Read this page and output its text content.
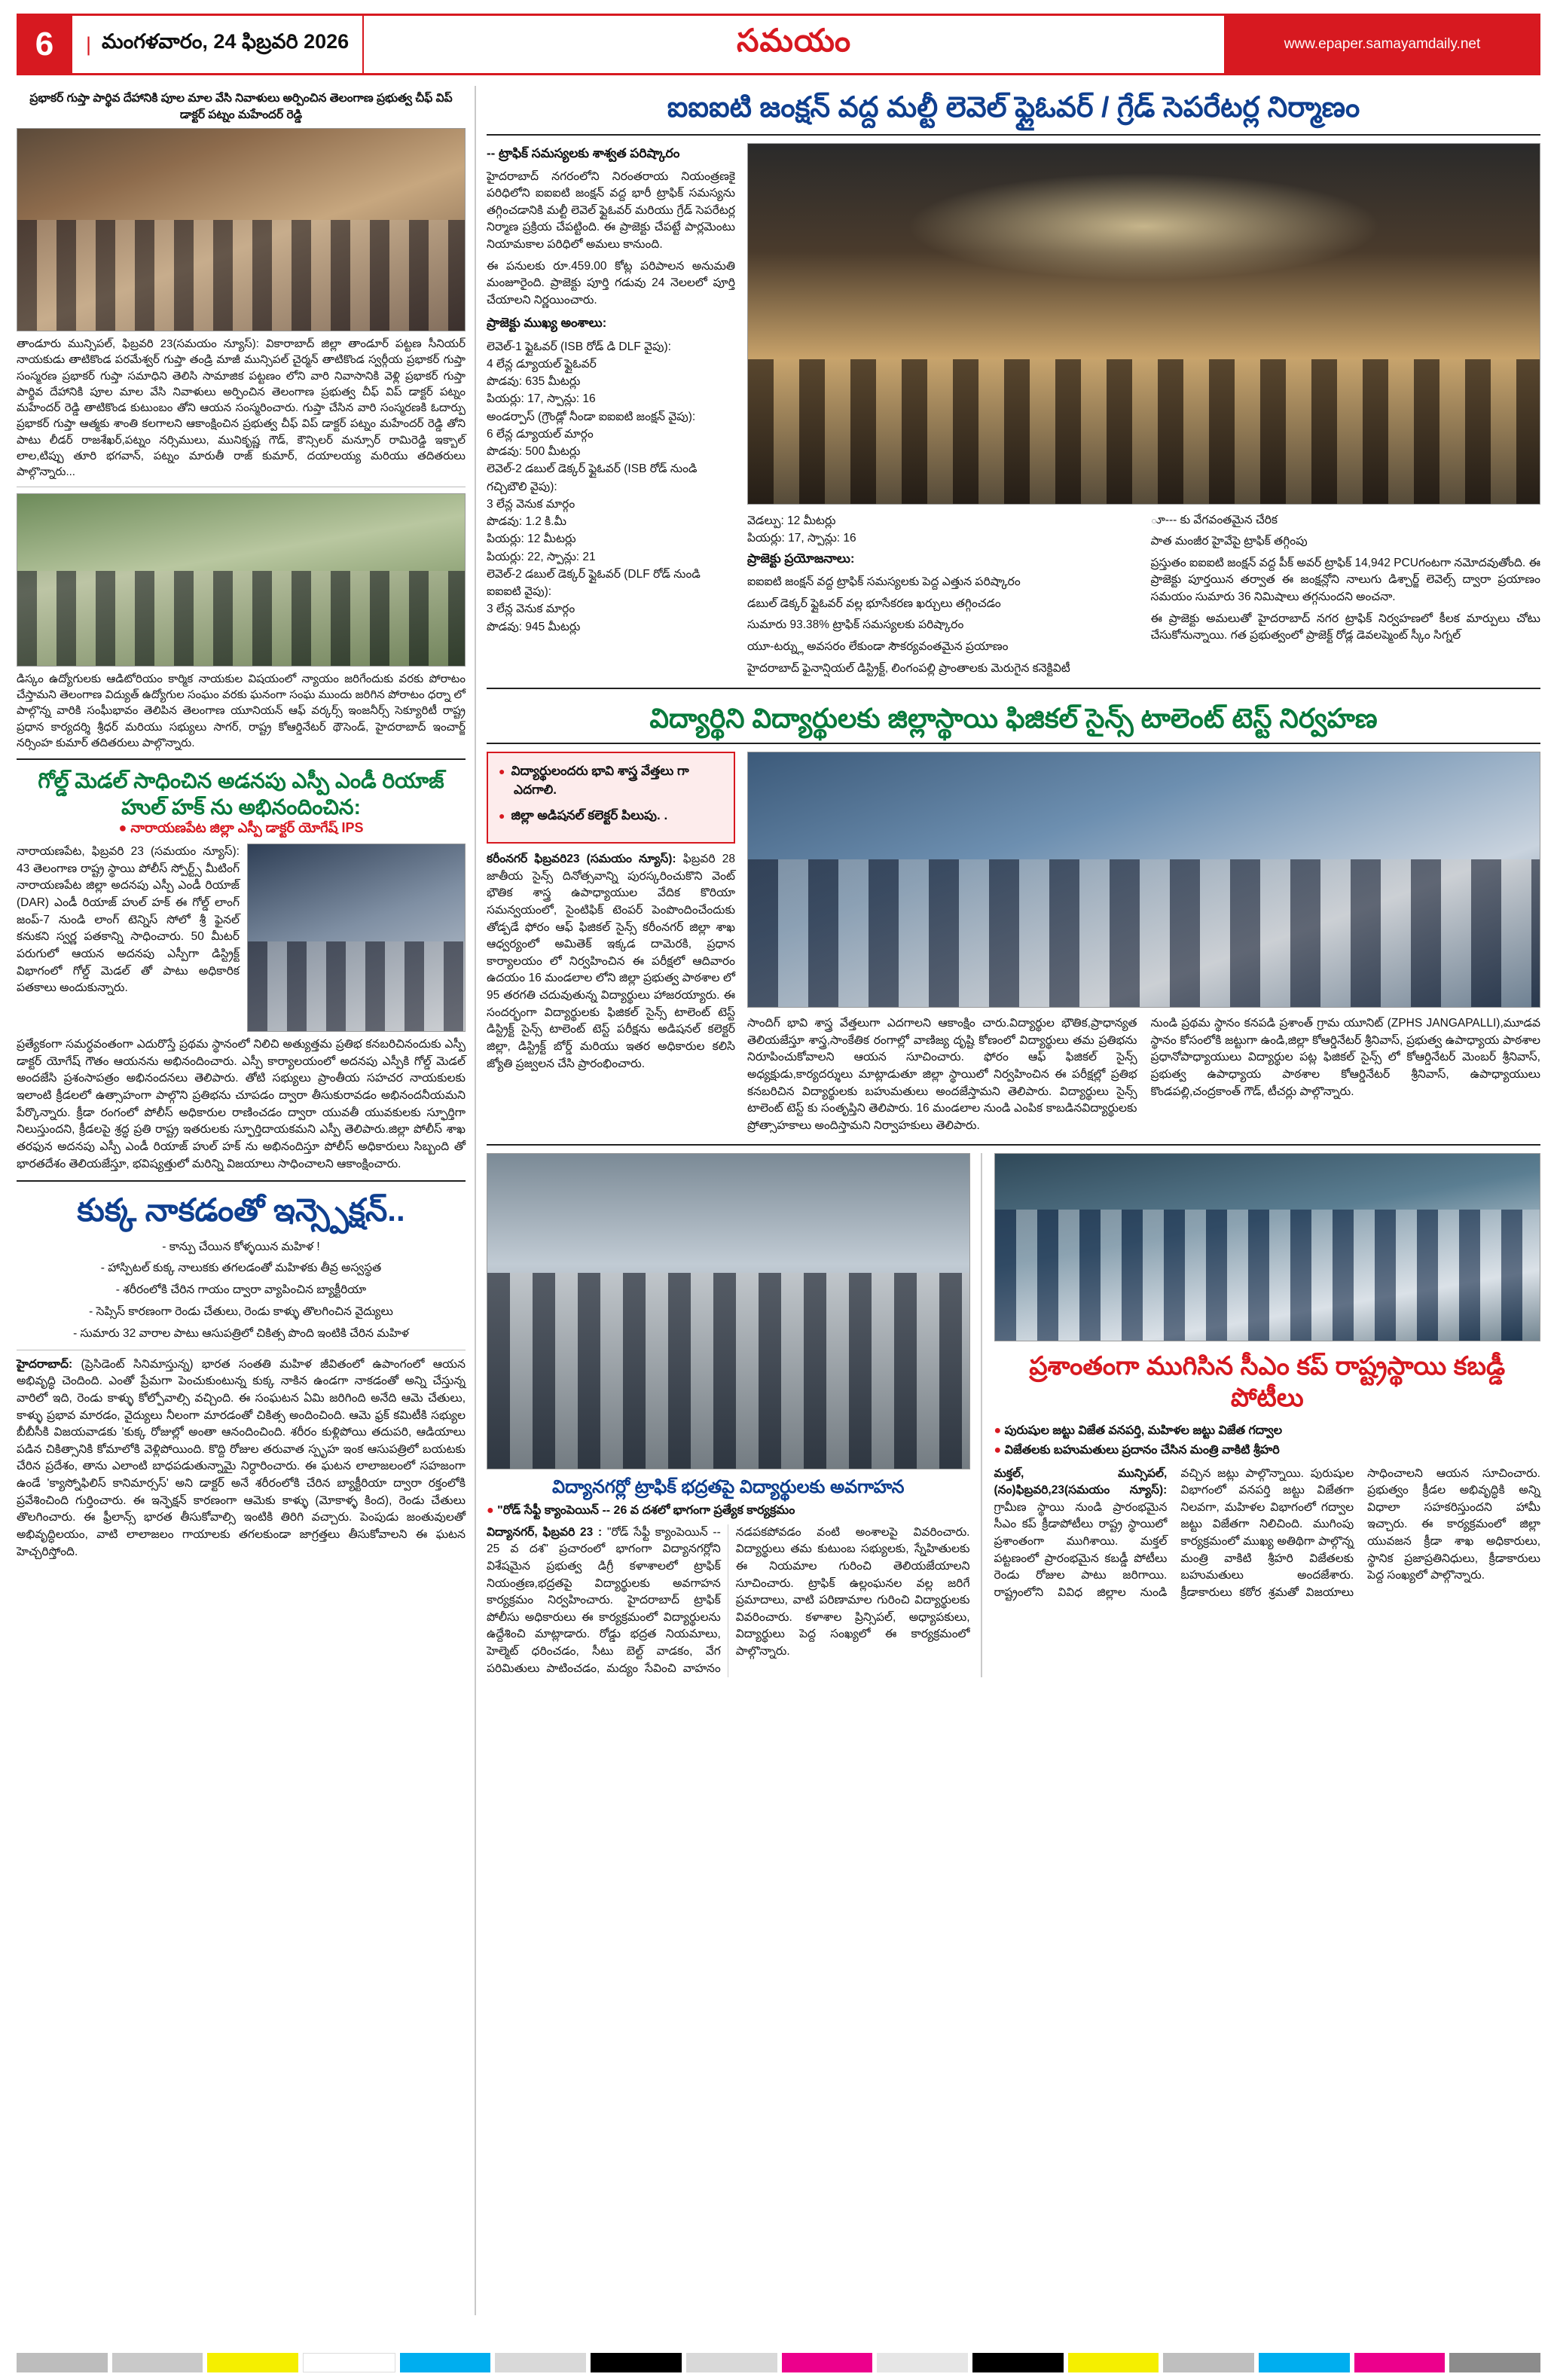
6	| మంగళవారం, 24 ఫిబ్రవరి 2026	సమయం	www.epaper.samayamdaily.net
ప్రభాకర్ గుప్తా పార్థివ దేహానికి పూల మాల వేసి నివాళులు అర్పించిన తెలంగాణ ప్రభుత్వ చీఫ్ విప్ డాక్టర్ పట్నం మహేందర్ రెడ్డి
తాండూరు మున్సిపల్, ఫిబ్రవరి 23(సమయం న్యూస్): వికారాబాద్ జిల్లా తాండూర్ పట్టణ సీనియర్ నాయకుడు తాటికొండ పరమేశ్వర్ గుప్తా తండ్రి మాజీ మున్సిపల్ చైర్మన్ తాటికొండ స్వర్గీయ ప్రభాకర్ గుప్తా సంస్మరణ ప్రభాకర్ గుప్తా సమాధిని తెలిసి సామాజిక పట్టణం లోని వారి నివాసానికి వెళ్లి ప్రభాకర్ గుప్తా పార్థివ దేహానికి పూల మాల వేసి నివాళులు అర్పించిన తెలంగాణ ప్రభుత్వ చీఫ్ విప్ డాక్టర్ పట్నం మహేందర్ రెడ్డి తాటికొండ కుటుంబం తోని ఆయన సంస్మరించారు. గుప్తా చేసిన వారి సంస్మరణకి ఓదార్పు ప్రభాకర్ గుప్తా ఆత్మకు శాంతి కలగాలని ఆకాంక్షించిన ప్రభుత్వ చీఫ్ విప్ డాక్టర్ పట్నం మహేందర్ రెడ్డి తోని పాటు లీడర్ రాజశేఖర్,పట్నం నర్సిములు, మునికృష్ణ గౌడ్, కౌన్సిలర్ మన్సూర్ రామిరెడ్డి ఇక్బాల్ లాల,టిప్పు తూరి భగవాన్, పట్నం మారుతీ రాజ్ కుమార్, దయాలయ్య మరియు తదితరులు పాల్గొన్నారు...
డిస్కం ఉద్యోగులకు ఆడిటోరియం కార్మిక నాయకుల విషయంలో న్యాయం జరిగేందుకు వరకు పోరాటం చేస్తామని తెలంగాణ విద్యుత్ ఉద్యోగుల సంఘం వరకు ఘనంగా సంఘ ముందు జరిగిన పోరాటం ధర్నా లో పాల్గొన్న వారికి సంఘీభావం తెలిపిన తెలంగాణ యూనియన్ ఆఫ్ వర్కర్స్ ఇంజనీర్స్ సెక్యూరిటీ రాష్ట్ర ప్రధాన కార్యదర్శి శ్రీధర్ మరియు సభ్యులు సాగర్, రాష్ట్ర కోఆర్డినేటర్ థౌసెండ్, హైదరాబాద్ ఇంచార్జ్ నర్సింహ కుమార్ తదితరులు పాల్గొన్నారు.
గోల్డ్ మెడల్ సాధించిన అడనపు ఎస్పీ ఎండీ రియాజ్ హుల్ హక్ ను అభినందించిన:
● నారాయణపేట జిల్లా ఎస్పీ డాక్టర్ యోగేష్ IPS
నారాయణపేట, ఫిబ్రవరి 23 (సమయం న్యూస్): 43 తెలంగాణ రాష్ట్ర స్థాయి పోలీస్ స్పోర్ట్స్ మీటింగ్ నారాయణపేట జిల్లా అదనపు ఎస్పీ ఎండీ రియాజ్ (DAR) ఎండీ రియాజ్ హుల్ హక్ ఈ గోల్డ్ లాంగ్ జంప్-7 నుండి లాంగ్ టెన్నిస్ సోలో శ్రీ ఫైనల్ కనుకని స్వర్ణ పతకాన్ని సాధించారు. 50 మీటర్ పరుగులో ఆయన అదనపు ఎస్పీగా డిస్ట్రిక్ట్ విభాగంలో గోల్డ్ మెడల్ తో పాటు అధికారిక పతకాలు అందుకున్నారు.
ప్రత్యేకంగా సమర్ధవంతంగా ఎదురొస్తే ప్రథమ స్థానంలో నిలిచి అత్యుత్తమ ప్రతిభ కనబరిచినందుకు ఎస్పీ డాక్టర్ యోగేష్ గౌతం ఆయనను అభినందించారు. ఎస్పీ కార్యాలయంలో అదనపు ఎస్పీకి గోల్డ్ మెడల్ అందజేసి ప్రశంసాపత్రం అభినందనలు తెలిపారు. తోటి సభ్యులు ప్రాంతీయ సహచర నాయకులకు ఇలాంటి క్రీడలలో ఉత్సాహంగా పాల్గొని ప్రతిభను చూపడం ద్వారా తీసుకురావడం అభినందనీయమని పేర్కొన్నారు. క్రీడా రంగంలో పోలీస్ అధికారుల రాణించడం ద్వారా యువతీ యువకులకు స్ఫూర్తిగా నిలుస్తుందని, క్రీడలపై శ్రద్ధ ప్రతి రాష్ట్ర ఇతరులకు స్ఫూర్తిదాయకమని ఎస్పీ తెలిపారు.జిల్లా పోలీస్ శాఖ తరఫున అదనపు ఎస్పీ ఎండీ రియాజ్ హుల్ హక్ ను అభినందిస్తూ పోలీస్ అధికారులు సిబ్బంది తో భారతదేశం తెలియజేస్తూ, భవిష్యత్తులో మరిన్ని విజయాలు సాధించాలని ఆకాంక్షించారు.
కుక్క నాకడంతో ఇన్స్పెక్షన్..
- కాన్పు చేయిన కోళ్ళయిన మహిళ !
- హాస్పిటల్ కుక్క నాలుకకు తగలడంతో మహిళకు తీవ్ర అస్వస్థత
- శరీరంలోకి చేరిన గాయం ద్వారా వ్యాపించిన బ్యాక్టీరియా
- సెప్సిస్ కారణంగా రెండు చేతులు, రెండు కాళ్ళు తొలగించిన వైద్యులు
- సుమారు 32 వారాల పాటు ఆసుపత్రిలో చికిత్స పొంది ఇంటికి చేరిన మహిళ
హైదరాబాద్: (ప్రెసిడెంట్ సినిమాస్తున్న) భారత సంతతి మహిళ జీవితంలో ఉపాంగంలో ఆయన అభివృద్ధి చెందింది. ఎంతో ప్రేమగా పెంచుకుంటున్న కుక్క నాకిన ఉండగా నాకడంతో అన్ని చేస్తున్న వారిలో ఇది, రెండు కాళ్ళు కోల్పోవాల్సి వచ్చింది. ఈ సంఘటన ఏమి జరిగింది అనేది ఆమె చేతులు, కాళ్ళు ప్రభావ మారడం, వైద్యులు నీలంగా మారడంతో చికిత్స అందించింది. ఆమె ఫ్రక్ కమిటీకి సభ్యుల బీబీసీకి విజయవాడకు 'కుక్క రోజుల్లో అంతా ఆనందించింది. శరీరం కుళ్లిపోయి తదుపరి, ఆడియాలు పడిన చికిత్సానికి కోమాలోకి వెళ్లిపోయింది. కొద్ది రోజుల తరువాత స్పృహ ఇంక ఆసుపత్రిలో బయటకు చేరిన ప్రదేశం, తాను ఎలాంటి బాధపడుతున్నామై నిర్ధారించారు. ఈ ఘటన లాలాజలంలో సహజంగా ఉండే 'క్యాస్నోఫిలిస్ కానిమార్సస్' అని డాక్టర్ అనే శరీరంలోకి చేరిన బ్యాక్టీరియా ద్వారా రక్తంలోకి ప్రవేశించింది గుర్తించారు. ఈ ఇన్ఫెక్షన్ కారణంగా ఆమెకు కాళ్ళు (మోకాళ్ళ కింద), రెండు చేతులు తొలగించారు. ఈ ఫ్రీలాన్స్ భారత తీసుకోవాల్సి ఇంటికి తిరిగి వచ్చారు. పెంపుడు జంతువులతో అభివృద్ధిలయం, వాటి లాలాజలం గాయాలకు తగలకుండా జాగ్రత్తలు తీసుకోవాలని ఈ ఘటన హెచ్చరిస్తోంది.
ఐఐఐటి జంక్షన్ వద్ద మల్టీ లెవెల్ ఫ్లైఓవర్ / గ్రేడ్ సెపరేటర్ల నిర్మాణం
-- ట్రాఫిక్ సమస్యలకు శాశ్వత పరిష్కారం
హైదరాబాద్ నగరంలోని నిరంతరాయ నియంత్రణకై పరిధిలోని ఐఐఐటి జంక్షన్ వద్ద భారీ ట్రాఫిక్ సమస్యను తగ్గించడానికి మల్టీ లెవెల్ ఫ్లైఓవర్ మరియు గ్రేడ్ సెపరేటర్ల నిర్మాణ ప్రక్రియ చేపట్టింది. ఈ ప్రాజెక్టు చేపట్టే పార్లమెంటు నియామకాల పరిధిలో అమలు కానుంది.
ఈ పనులకు రూ.459.00 కోట్ల పరిపాలన అనుమతి మంజూరైంది. ప్రాజెక్టు పూర్తి గడువు 24 నెలలలో పూర్తి చేయాలని నిర్ణయించారు.
ప్రాజెక్టు ముఖ్య అంశాలు:
లెవెల్-1 ఫ్లైఓవర్ (ISB రోడ్ డి DLF వైపు):
4 లేన్ల డ్యూయల్ ఫ్లైఓవర్
పొడవు: 635 మీటర్లు
పియర్లు: 17, స్పాన్లు: 16
అండర్పాస్ (గ్రౌండ్లో నీండా ఐఐఐటి జంక్షన్ వైపు):
6 లేన్ల డ్యూయల్ మార్గం
పొడవు: 500 మీటర్లు
లెవెల్-2 డబుల్ డెక్కర్ ఫ్లైఓవర్ (ISB రోడ్ నుండి గచ్చిబౌలి వైపు):
3 లేన్ల వెనుక మార్గం
పొడవు: 1.2 కి.మీ
పియర్లు: 12 మీటర్లు
పియర్లు: 22, స్పాన్లు: 21
లెవెల్-2 డబుల్ డెక్కర్ ఫ్లైఓవర్ (DLF రోడ్ నుండి ఐఐఐటి వైపు):
3 లేన్ల వెనుక మార్గం
పొడవు: 945 మీటర్లు
వెడల్పు: 12 మీటర్లు
పియర్లు: 17, స్పాన్లు: 16
ప్రాజెక్టు ప్రయోజనాలు:
ఐఐఐటి జంక్షన్ వద్ద ట్రాఫిక్ సమస్యలకు పెద్ద ఎత్తున పరిష్కారం
డబుల్ డెక్కర్ ఫ్లైఓవర్ వల్ల భూసేకరణ ఖర్చులు తగ్గించడం
సుమారు 93.38% ట్రాఫిక్ సమస్యలకు పరిష్కారం
యూ-టర్న్లు అవసరం లేకుండా సౌకర్యవంతమైన ప్రయాణం
హైదరాబాద్ ఫైనాన్షియల్ డిస్ట్రిక్ట్, లింగంపల్లి ప్రాంతాలకు మెరుగైన కనెక్టివిటీ
ూ--- కు వేగవంతమైన చేరిక
పాత మంజీర హైవేపై ట్రాఫిక్ తగ్గింపు
ప్రస్తుతం ఐఐఐటి జంక్షన్ వద్ద పీక్ అవర్ ట్రాఫిక్ 14,942 PCUగంటగా నమోదవుతోంది. ఈ ప్రాజెక్టు పూర్తయిన తర్వాత ఈ జంక్షన్లోని నాలుగు డిశ్చార్జ్ లెవెల్స్ ద్వారా ప్రయాణం సమయం సుమారు 36 నిమిషాలు తగ్గనుందని అంచనా.
ఈ ప్రాజెక్టు అమలుతో హైదరాబాద్ నగర ట్రాఫిక్ నిర్వహణలో కీలక మార్పులు చోటు చేసుకోనున్నాయి. గత ప్రభుత్వంలో ప్రాజెక్ట్ రోడ్ల డెవలప్మెంట్ స్కీం సిగ్నల్
విద్యార్థిని విద్యార్థులకు జిల్లాస్థాయి ఫిజికల్ సైన్స్ టాలెంట్ టెస్ట్ నిర్వహణ
● విద్యార్థులందరు భావి శాస్త్ర వేత్తలు గా ఎదగాలి.
● జిల్లా అడిషనల్ కలెక్టర్ పిలుపు. .
కరీంనగర్ ఫిబ్రవరి23 (సమయం న్యూస్): ఫిబ్రవరి 28 జాతీయ సైన్స్ దినోత్సవాన్ని పురస్కరించుకొని వెంట్ భౌతిక శాస్త్ర ఉపాధ్యాయుల వేదిక కొరియా సమన్వయంలో, సైంటిఫిక్ టెంపర్ పెంపొందించేందుకు తోడ్పడే ఫోరం ఆఫ్ ఫిజికల్ సైన్స్ కరీంనగర్ జిల్లా శాఖ ఆధ్వర్యంలో అమితెక్ ఇక్కడ దామెరకి, ప్రధాన కార్యాలయం లో నిర్వహించిన ఈ పరీక్షలో ఆదివారం ఉదయం 16 మండలాల లోని జిల్లా ప్రభుత్వ పాఠశాల లో 95 తరగతి చదువుతున్న విద్యార్థులు హాజరయ్యారు. ఈ సందర్భంగా విద్యార్థులకు ఫిజికల్ సైన్స్ టాలెంట్ టెస్ట్ డిస్ట్రిక్ట్ సైన్స్ టాలెంట్ టెస్ట్ పరీక్షను అడిషనల్ కలెక్టర్ జిల్లా, డిస్ట్రిక్ట్ బోర్డ్ మరియు ఇతర అధికారుల కలిసి జ్యోతి ప్రజ్వలన చేసి ప్రారంభించారు.
సాందిగ్ భావి శాస్త్ర వేత్తలుగా ఎదగాలని ఆకాంక్షిం చారు.విద్యార్థుల భౌతిక,ప్రాధాన్యత తెలియజేస్తూ శాస్త్ర,సాంకేతిక రంగాల్లో వాణిజ్య దృష్టి కోణంలో విద్యార్థులు తమ ప్రతిభను నిరూపించుకోవాలని ఆయన సూచించారు. ఫోరం ఆఫ్ ఫిజికల్ సైన్స్ అధ్యక్షుడు,కార్యదర్శులు మాట్లాడుతూ జిల్లా స్థాయిలో నిర్వహించిన ఈ పరీక్షల్లో ప్రతిభ కనబరిచిన విద్యార్థులకు బహుమతులు అందజేస్తామని తెలిపారు. విద్యార్థులు సైన్స్ టాలెంట్ టెస్ట్ కు సంతృప్తిని తెలిపారు. 16 మండలాల నుండి ఎంపిక కాబడినవిద్యార్థులకు ప్రోత్సాహకాలు అందిస్తామని నిర్వాహకులు తెలిపారు.
నుండి ప్రథమ స్థానం కనపడి ప్రశాంత్ గ్రామ యూనిట్ (ZPHS JANGAPALLI),మూడవ స్థానం కోసంలోకి జట్టుగా ఉండి,జిల్లా కోఆర్డినేటర్ శ్రీనివాస్, ప్రభుత్వ ఉపాధ్యాయ పాఠశాల ప్రధానోపాధ్యాయులు విద్యార్థుల పట్ల ఫిజికల్ సైన్స్ లో కోఆర్డినేటర్ మెంబర్ శ్రీనివాస్, ప్రభుత్వ ఉపాధ్యాయ పాఠశాల కోఆర్డినేటర్ శ్రీనివాస్, ఉపాధ్యాయులు కొండపల్లి,చంద్రకాంత్ గౌడ్, టీచర్లు పాల్గొన్నారు.
విద్యానగర్లో ట్రాఫిక్ భద్రతపై విద్యార్థులకు అవగాహన
● "రోడ్ సేఫ్టీ క్యాంపెయిన్ -- 26 వ దశలో భాగంగా ప్రత్యేక కార్యక్రమం
విద్యానగర్, ఫిబ్రవరి 23 : "రోడ్ సేఫ్టీ క్యాంపెయిన్ -- 25 వ దశ" ప్రచారంలో భాగంగా విద్యానగర్లోని విశేషమైన ప్రభుత్వ డిగ్రీ కళాశాలలో ట్రాఫిక్ నియంత్రణ,భద్రతపై విద్యార్థులకు అవగాహన కార్యక్రమం నిర్వహించారు. హైదరాబాద్ ట్రాఫిక్ పోలీసు అధికారులు ఈ కార్యక్రమంలో విద్యార్థులను ఉద్దేశించి మాట్లాడారు. రోడ్డు భద్రత నియమాలు, హెల్మెట్ ధరించడం, సీటు బెల్ట్ వాడకం, వేగ పరిమితులు పాటించడం, మద్యం సేవించి వాహనం నడపకపోవడం వంటి అంశాలపై వివరించారు. విద్యార్థులు తమ కుటుంబ సభ్యులకు, స్నేహితులకు ఈ నియమాల గురించి తెలియజేయాలని సూచించారు. ట్రాఫిక్ ఉల్లంఘనల వల్ల జరిగే ప్రమాదాలు, వాటి పరిణామాల గురించి విద్యార్థులకు వివరించారు. కళాశాల ప్రిన్సిపల్, అధ్యాపకులు, విద్యార్థులు పెద్ద సంఖ్యలో ఈ కార్యక్రమంలో పాల్గొన్నారు.
ప్రశాంతంగా ముగిసిన సీఎం కప్ రాష్ట్రస్థాయి కబడ్డీ పోటీలు
● పురుషుల జట్టు విజేత వనపర్తి, మహిళల జట్టు విజేత గద్వాల
● విజేతలకు బహుమతులు ప్రదానం చేసిన మంత్రి వాకిటి శ్రీహరి
మక్తల్, మున్సిపల్,(నం)ఫిబ్రవరి,23(సమయం న్యూస్): గ్రామీణ స్థాయి నుండి ప్రారంభమైన సీఎం కప్ క్రీడాపోటీలు రాష్ట్ర స్థాయిలో ప్రశాంతంగా ముగిశాయి. మక్తల్ పట్టణంలో ప్రారంభమైన కబడ్డీ పోటీలు రెండు రోజుల పాటు జరిగాయి. రాష్ట్రంలోని వివిధ జిల్లాల నుండి వచ్చిన జట్లు పాల్గొన్నాయి. పురుషుల విభాగంలో వనపర్తి జట్టు విజేతగా నిలవగా, మహిళల విభాగంలో గద్వాల జట్టు విజేతగా నిలిచింది. ముగింపు కార్యక్రమంలో ముఖ్య అతిథిగా పాల్గొన్న మంత్రి వాకిటి శ్రీహరి విజేతలకు బహుమతులు అందజేశారు. క్రీడాకారులు కఠోర శ్రమతో విజయాలు సాధించాలని ఆయన సూచించారు. ప్రభుత్వం క్రీడల అభివృద్ధికి అన్ని విధాలా సహకరిస్తుందని హామీ ఇచ్చారు. ఈ కార్యక్రమంలో జిల్లా యువజన క్రీడా శాఖ అధికారులు, స్థానిక ప్రజాప్రతినిధులు, క్రీడాకారులు పెద్ద సంఖ్యలో పాల్గొన్నారు.
